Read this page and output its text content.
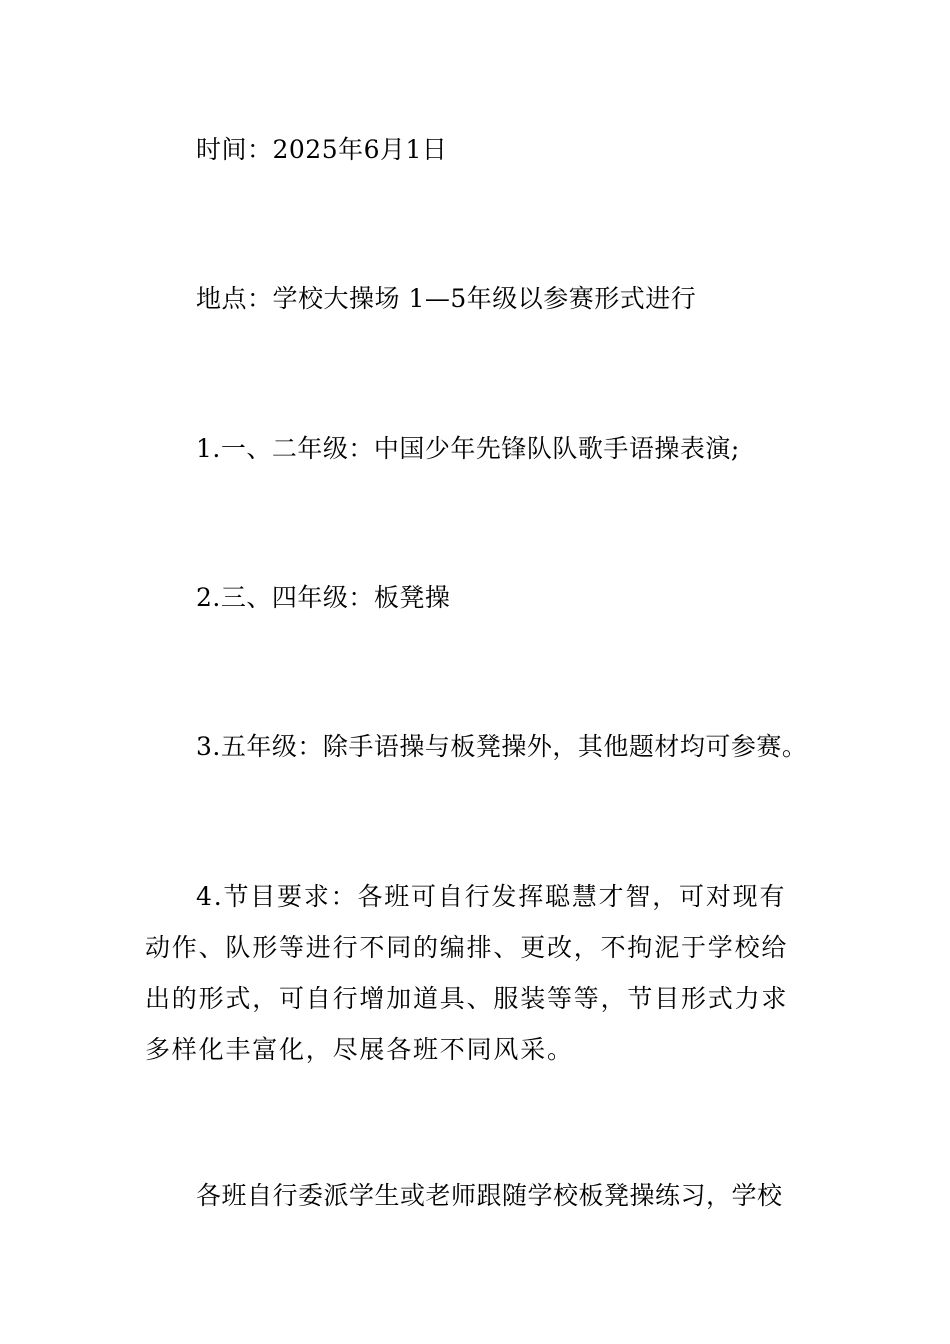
时间：2025年6月1日

地点：学校大操场 1—5年级以参赛形式进行

1.一、二年级：中国少年先锋队队歌手语操表演;

2.三、四年级：板凳操

3.五年级：除手语操与板凳操外，其他题材均可参赛。

4.节目要求：各班可自行发挥聪慧才智，可对现有动作、队形等进行不同的编排、更改，不拘泥于学校给出的形式，可自行增加道具、服装等等，节目形式力求多样化丰富化，尽展各班不同风采。

各班自行委派学生或老师跟随学校板凳操练习，学校
